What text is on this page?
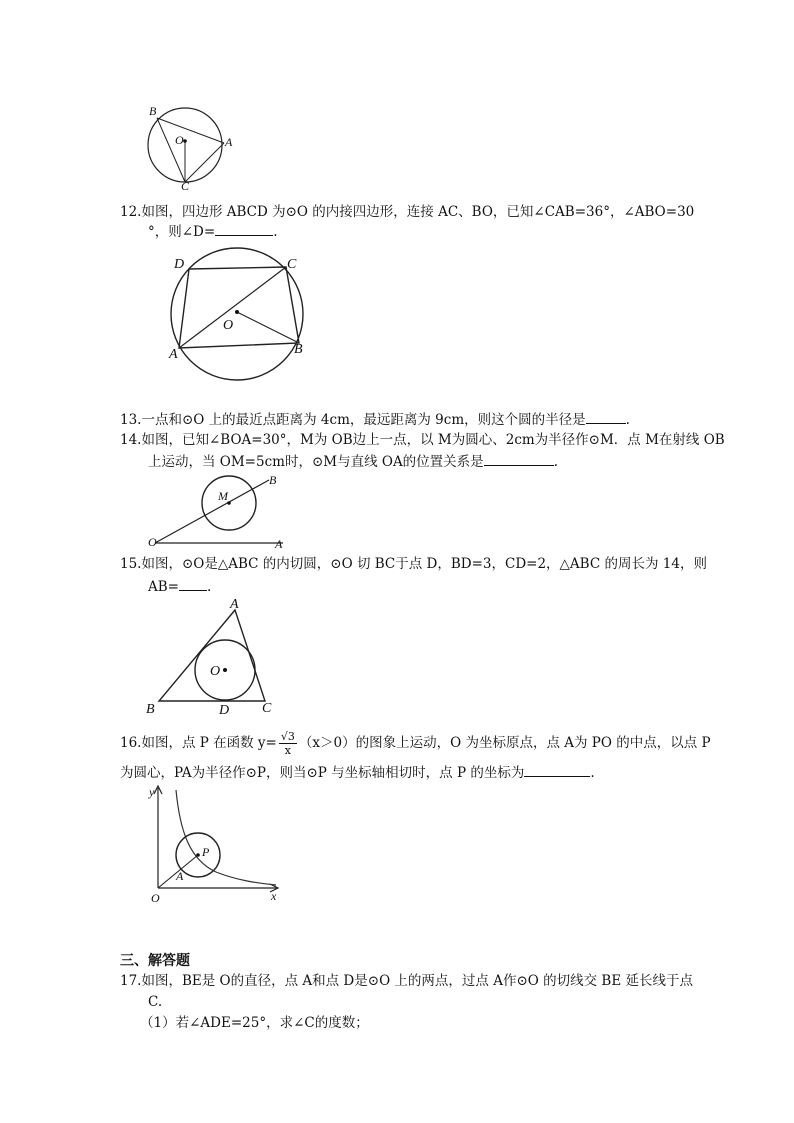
B
O	A
C
12.如图，四边形 ABCD 为⊙O 的内接四边形，连接 AC、BO，已知∠CAB=36°，∠ABO=30
°，则∠D=	.
D	C
O
A	B
13.一点和⊙O 上的最近点距离为 4cm，最远距离为 9cm，则这个圆的半径是	.
14.如图，已知∠BOA=30°，M为 OB边上一点，以 M为圆心、2cm为半径作⊙M．点 M在射线 OB
上运动，当 OM=5cm时，⊙M与直线 OA的位置关系是	.
B
M
O	A
15.如图，⊙O是△ABC 的内切圆，⊙O 切 BC于点 D，BD=3，CD=2，△ABC 的周长为 14，则
AB= .
A
O
B	D C
16.如图，点 P 在函数 $y= \frac{√3}{x} (x>0)$的图象上运动，O 为坐标原点，点 A为 PO 的中点，以点 P
为圆心，PA为半径作⊙P，则当⊙P 与坐标轴相切时，点 P 的坐标为	.
y
P
A
O	x
三、解答题
17.如图，BE是 O的直径，点 A和点 D是⊙O 上的两点，过点 A作⊙O 的切线交 BE 延长线于点
C.
（1）若∠ADE=25°，求∠C的度数；
